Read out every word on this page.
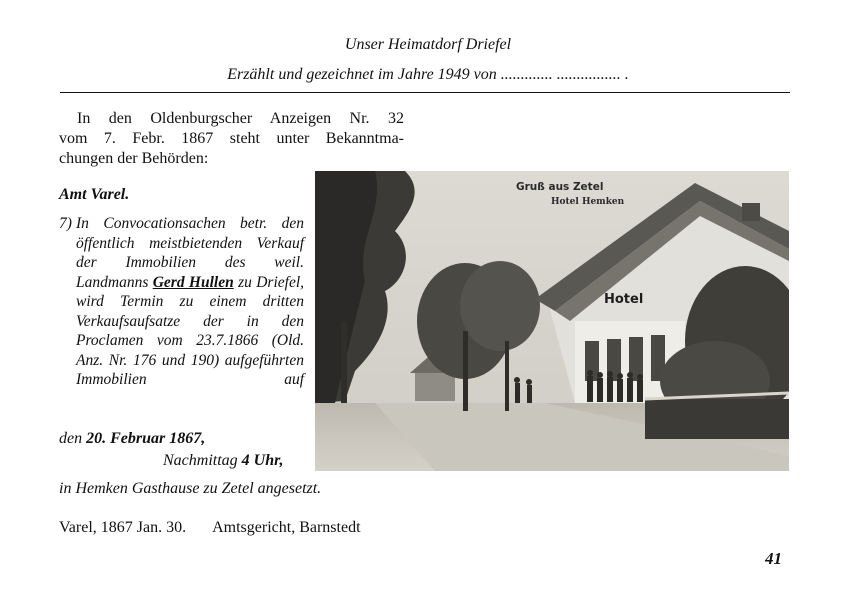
Unser Heimatdorf Driefel
Erzählt und gezeichnet im Jahre 1949 von ............. ................ .
In den Oldenburgscher Anzeigen Nr. 32
vom 7. Febr. 1867 steht unter Bekanntma-
chungen der Behörden:
Amt Varel.
7) In Convocationsachen betr. den öffentlich meistbietenden Verkauf der Immobilien des weil. Landmanns Gerd Hullen zu Driefel, wird Termin zu einem dritten Verkaufsaufsatze der in den Proclamen vom 23.7.1866 (Old. Anz. Nr. 176 und 190) aufgeführten Immobilien auf
den 20. Februar 1867,
Nachmittag 4 Uhr,
in Hemken Gasthause zu Zetel angesetzt.
Varel, 1867 Jan. 30. Amtsgericht, Barnstedt
41
Gruß aus Zetel
Hotel Hemken
Hotel
